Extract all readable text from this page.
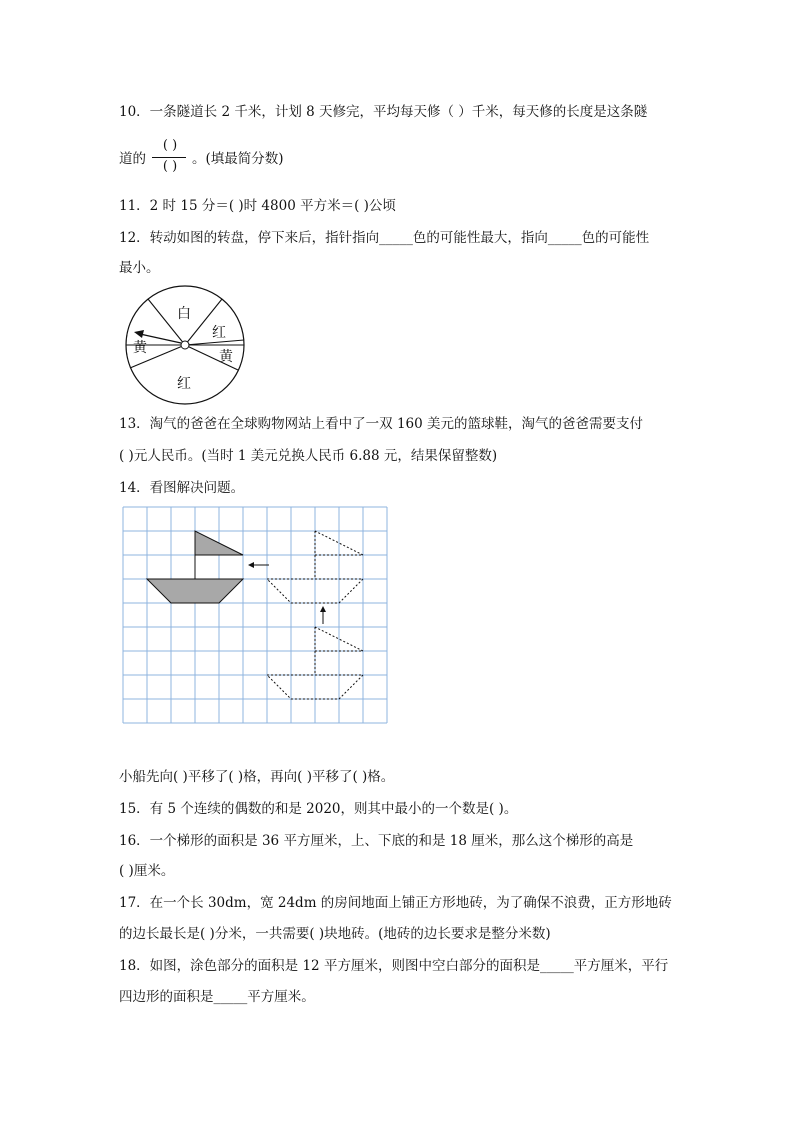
10．一条隧道长 2 千米，计划 8 天修完，平均每天修（ ）千米，每天修的长度是这条隧
道的
( )
( )	。(填最简分数)
11．2 时 15 分＝( )时 4800 平方米＝( )公顷
12．转动如图的转盘，停下来后，指针指向_____色的可能性最大，指向_____色的可能性
最小。
白
红
黄
黄
红
13．淘气的爸爸在全球购物网站上看中了一双 160 美元的篮球鞋，淘气的爸爸需要支付
( )元人民币。(当时 1 美元兑换人民币 6.88 元，结果保留整数)
14．看图解决问题。
小船先向( )平移了( )格，再向( )平移了( )格。
15．有 5 个连续的偶数的和是 2020，则其中最小的一个数是( )。
16．一个梯形的面积是 36 平方厘米，上、下底的和是 18 厘米，那么这个梯形的高是
( )厘米。
17．在一个长 30dm，宽 24dm 的房间地面上铺正方形地砖，为了确保不浪费，正方形地砖
的边长最长是( )分米，一共需要( )块地砖。(地砖的边长要求是整分米数)
18．如图，涂色部分的面积是 12 平方厘米，则图中空白部分的面积是_____平方厘米，平行
四边形的面积是_____平方厘米。
